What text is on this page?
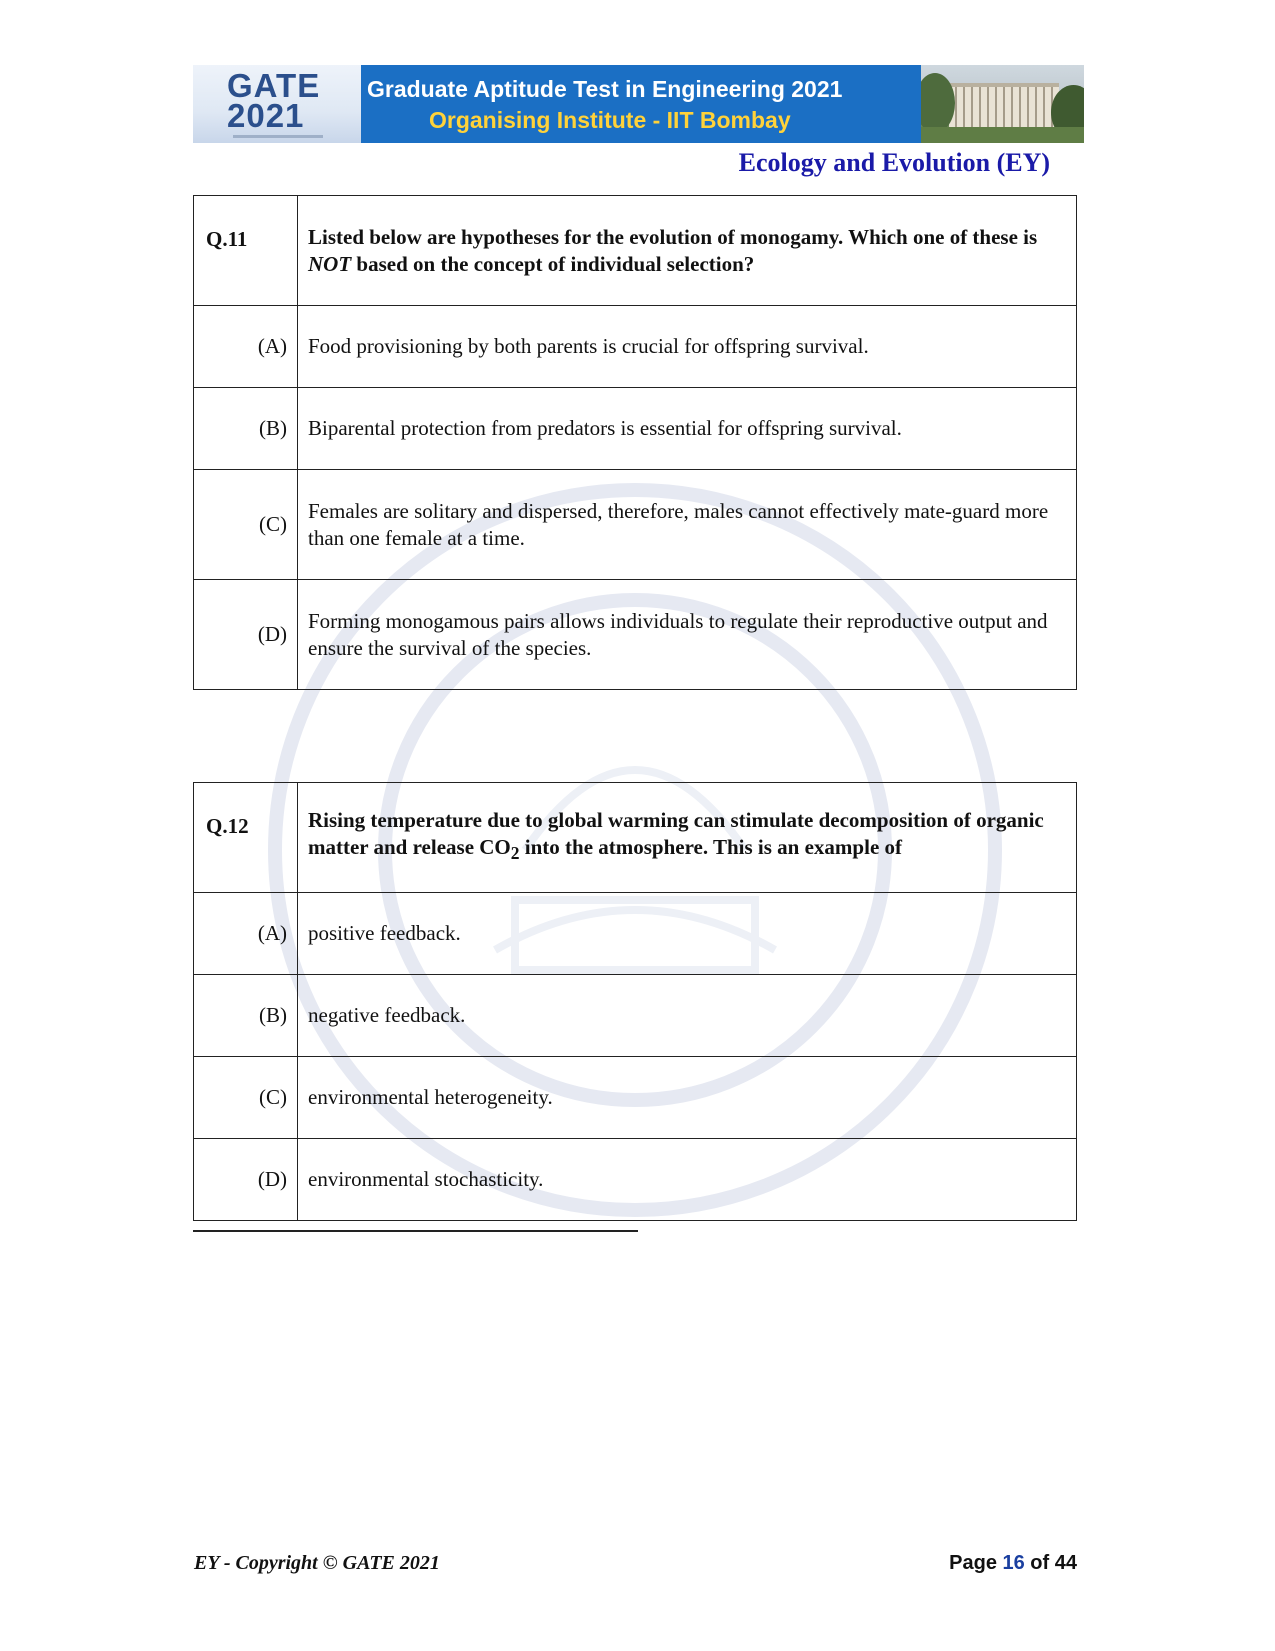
GATE
2021
Graduate Aptitude Test in Engineering 2021
Organising Institute - IIT Bombay
Ecology and Evolution (EY)
Q.11	Listed below are hypotheses for the evolution of monogamy. Which one of these is NOT based on the concept of individual selection?
(A)	Food provisioning by both parents is crucial for offspring survival.
(B)	Biparental protection from predators is essential for offspring survival.
(C)	Females are solitary and dispersed, therefore, males cannot effectively mate-guard more than one female at a time.
(D)	Forming monogamous pairs allows individuals to regulate their reproductive output and ensure the survival of the species.
Q.12	Rising temperature due to global warming can stimulate decomposition of organic matter and release $CO_2$ into the atmosphere. This is an example of
(A)	positive feedback.
(B)	negative feedback.
(C)	environmental heterogeneity.
(D)	environmental stochasticity.
EY - Copyright © GATE 2021	Page 16 of 44
